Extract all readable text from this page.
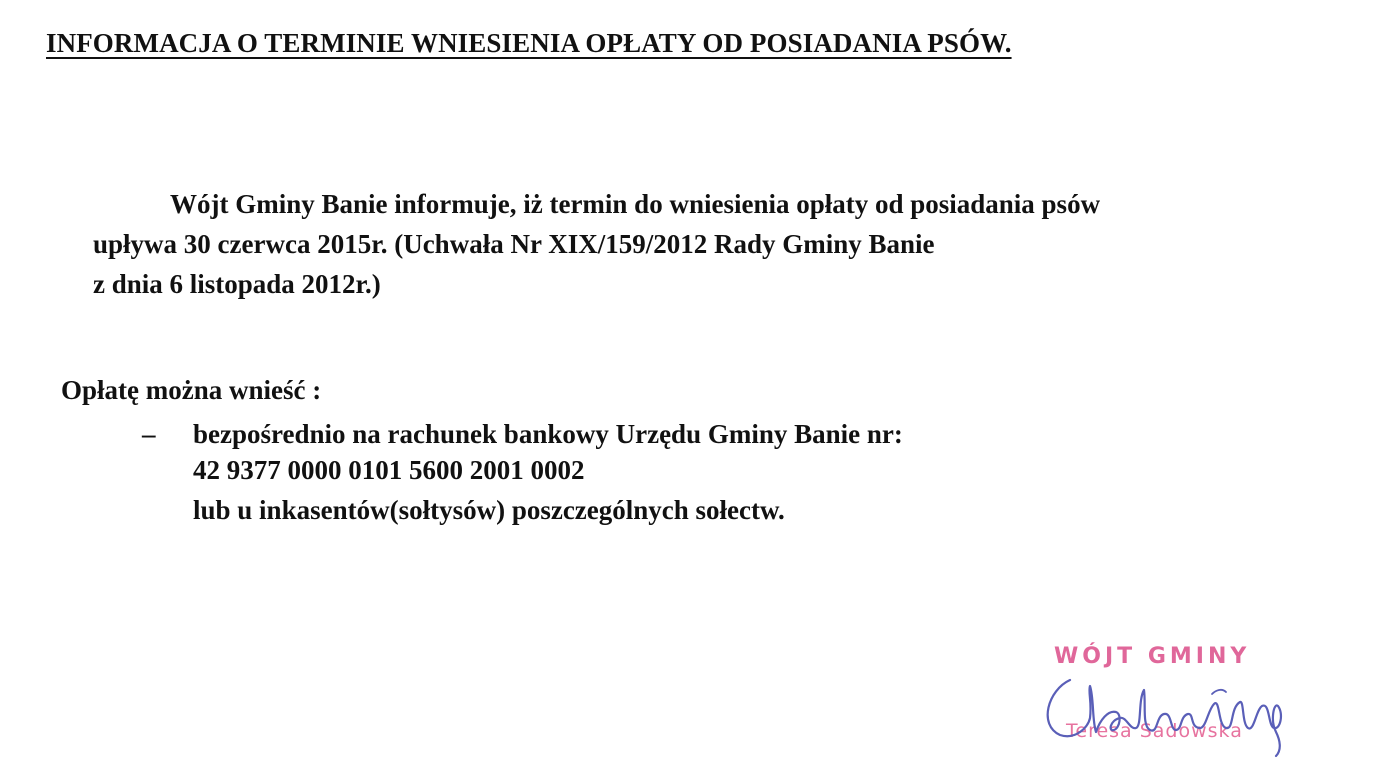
INFORMACJA O TERMINIE WNIESIENIA OPŁATY OD POSIADANIA PSÓW.
Wójt Gminy Banie informuje, iż termin do wniesienia opłaty od posiadania psów
upływa 30 czerwca 2015r. (Uchwała Nr XIX/159/2012 Rady Gminy Banie
z dnia 6 listopada 2012r.)
Opłatę można wnieść :
– bezpośrednio na rachunek bankowy Urzędu Gminy Banie nr:
42 9377 0000 0101 5600 2001 0002
lub u inkasentów(sołtysów) poszczególnych sołectw.
WÓJT GMINY
Teresa Sadowska
